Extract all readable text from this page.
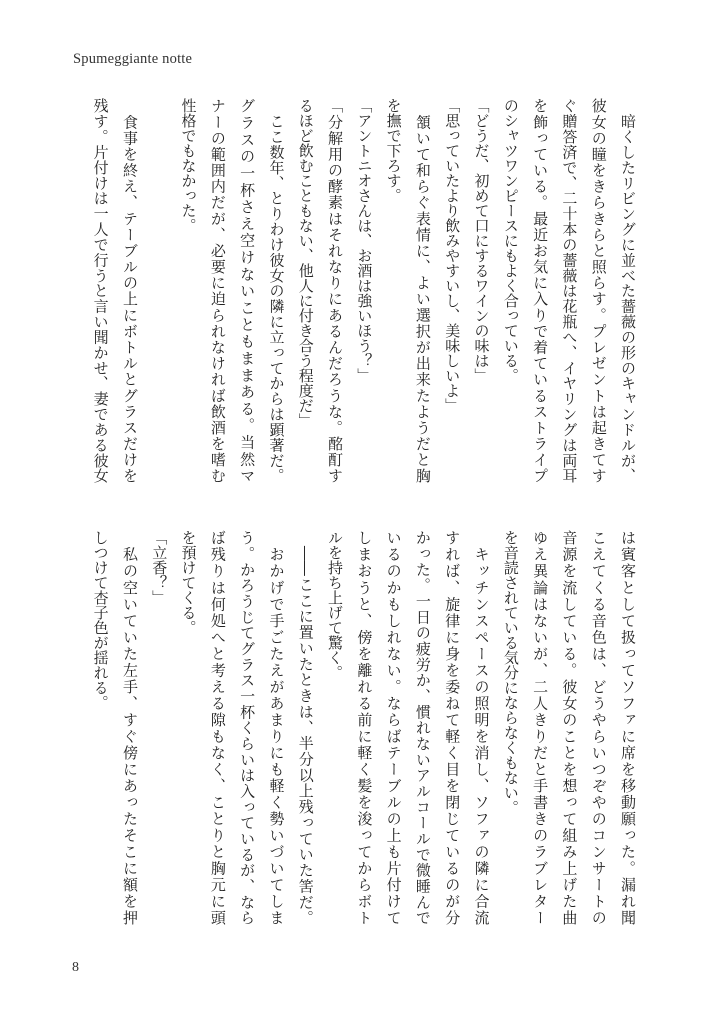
Spumeggiante notte
　暗くしたリビングに並べた薔薇の形のキャンドルが、
彼女の瞳をきらきらと照らす。プレゼントは起きてす
ぐ贈答済で、二十本の薔薇は花瓶へ、イヤリングは両耳
を飾っている。最近お気に入りで着ているストライプ
のシャツワンピースにもよく合っている。
「どうだ、初めて口にするワインの味は」
「思っていたより飲みやすいし、美味しいよ」
　頷いて和らぐ表情に、よい選択が出来たようだと胸
を撫で下ろす。
「アントニオさんは、お酒は強いほう？」
「分解用の酵素はそれなりにあるんだろうな。酩酊す
るほど飲むこともない、他人に付き合う程度だ」
　ここ数年、とりわけ彼女の隣に立ってからは顕著だ。
グラスの一杯さえ空けないこともままある。当然マ
ナーの範囲内だが、必要に迫られなければ飲酒を嗜む
性格でもなかった。
　食事を終え、テーブルの上にボトルとグラスだけを
残す。片付けは一人で行うと言い聞かせ、妻である彼女
は賓客として扱ってソファに席を移動願った。漏れ聞
こえてくる音色は、どうやらいつぞやのコンサートの
音源を流している。彼女のことを想って組み上げた曲
ゆえ異論はないが、二人きりだと手書きのラブレター
を音読されている気分にならなくもない。
　キッチンスペースの照明を消し、ソファの隣に合流
すれば、旋律に身を委ねて軽く目を閉じているのが分
かった。一日の疲労か、慣れないアルコールで微睡んで
いるのかもしれない。ならばテーブルの上も片付けて
しまおうと、傍を離れる前に軽く髪を浚ってからボト
ルを持ち上げて驚く。
　――ここに置いたときは、半分以上残っていた筈だ。
　おかげで手ごたえがあまりにも軽く勢いづいてしま
う。かろうじてグラス一杯くらいは入っているが、なら
ば残りは何処へと考える隙もなく、ことりと胸元に頭
を預けてくる。
「立香？」
　私の空いていた左手、すぐ傍にあったそこに額を押
しつけて杏子色が揺れる。
8
